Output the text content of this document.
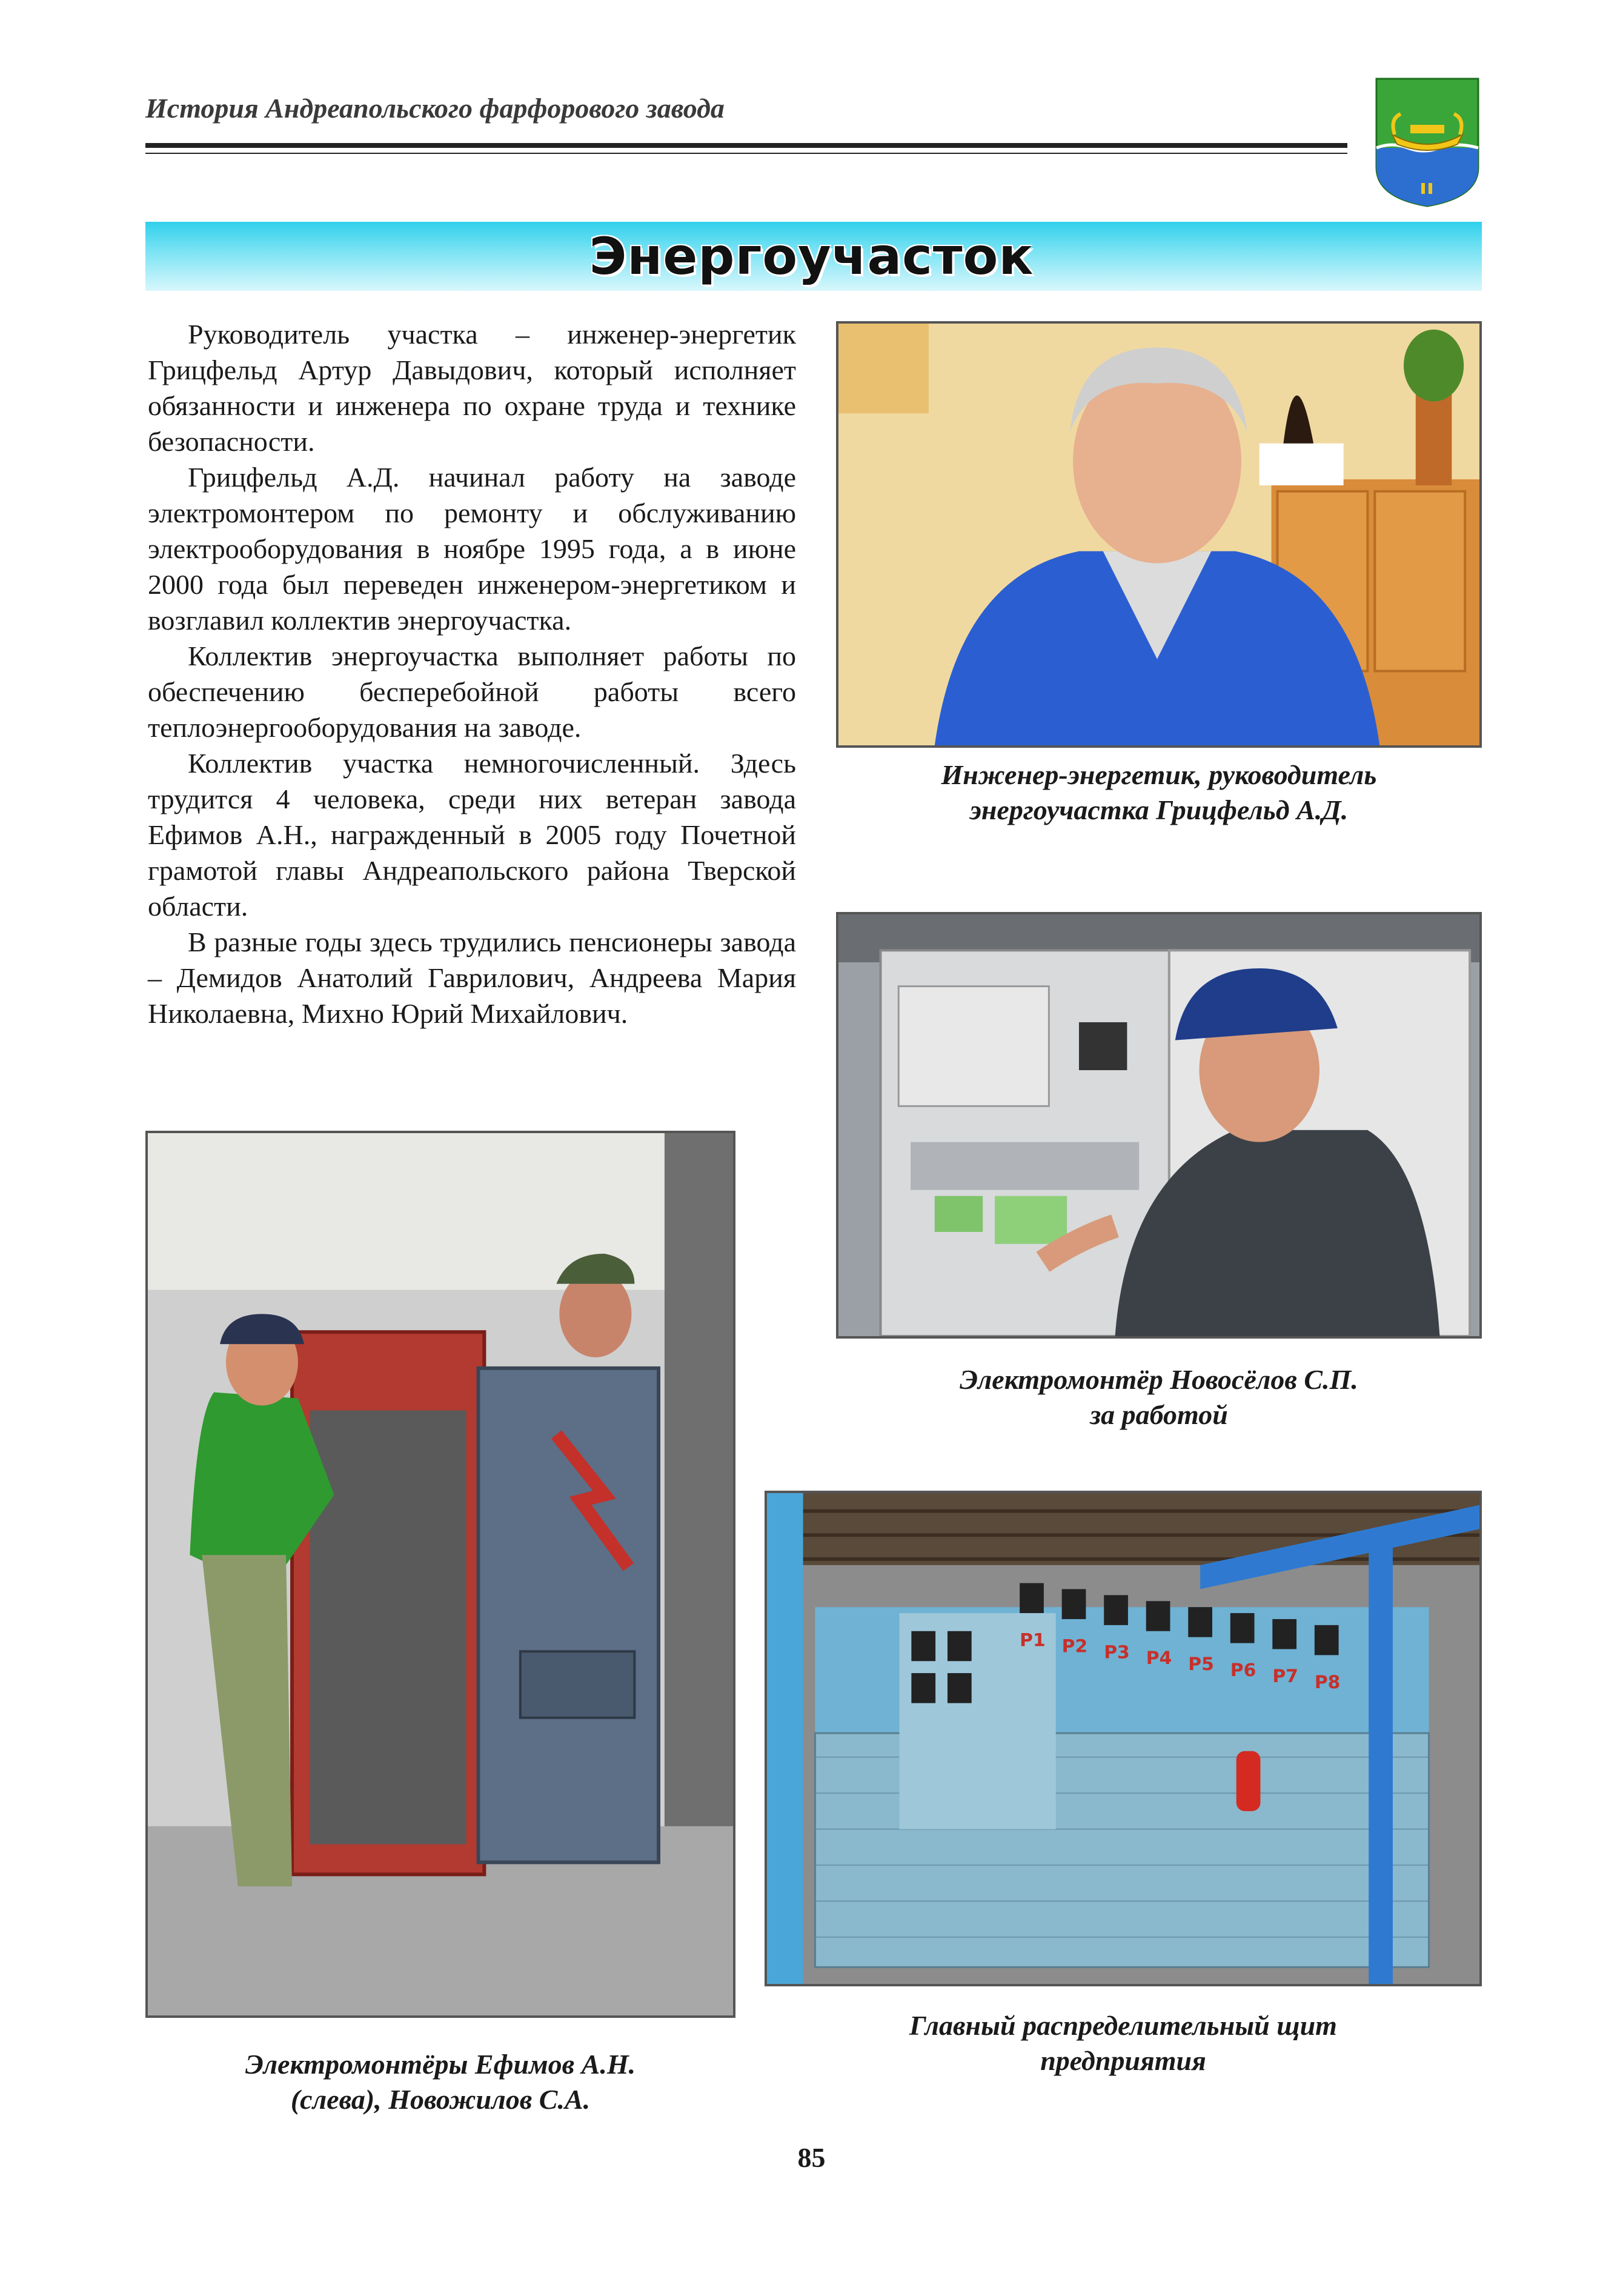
История Андреапольского фарфорового завода
Энергоучасток

Руководитель участка – инженер-энергетик Грицфельд Артур Давыдович, который исполняет обязанности и инженера по охране труда и технике безопасности.

Грицфельд А.Д. начинал работу на заводе электромонтером по ремонту и обслуживанию электрооборудования в ноябре 1995 года, а в июне 2000 года был переведен инженером-энергетиком и возглавил коллектив энергоучастка.

Коллектив энергоучастка выполняет работы по обеспечению бесперебойной работы всего теплоэнергооборудования на заводе.

Коллектив участка немногочисленный. Здесь трудится 4 человека, среди них ветеран завода Ефимов А.Н., награжденный в 2005 году Почетной грамотой главы Андреапольского района Тверской области.

В разные годы здесь трудились пенсионеры завода – Демидов Анатолий Гаврилович, Андреева Мария Николаевна, Михно Юрий Михайлович.

Инженер-энергетик, руководитель
энергоучастка Грицфельд А.Д.
Электромонтёр Новосёлов С.П.
за работой
Электромонтёры Ефимов А.Н.
(слева), Новожилов С.А.
Р1 Р2 Р3 Р4 Р5 Р6 Р7 Р8
Главный распределительный щит
предприятия
85
